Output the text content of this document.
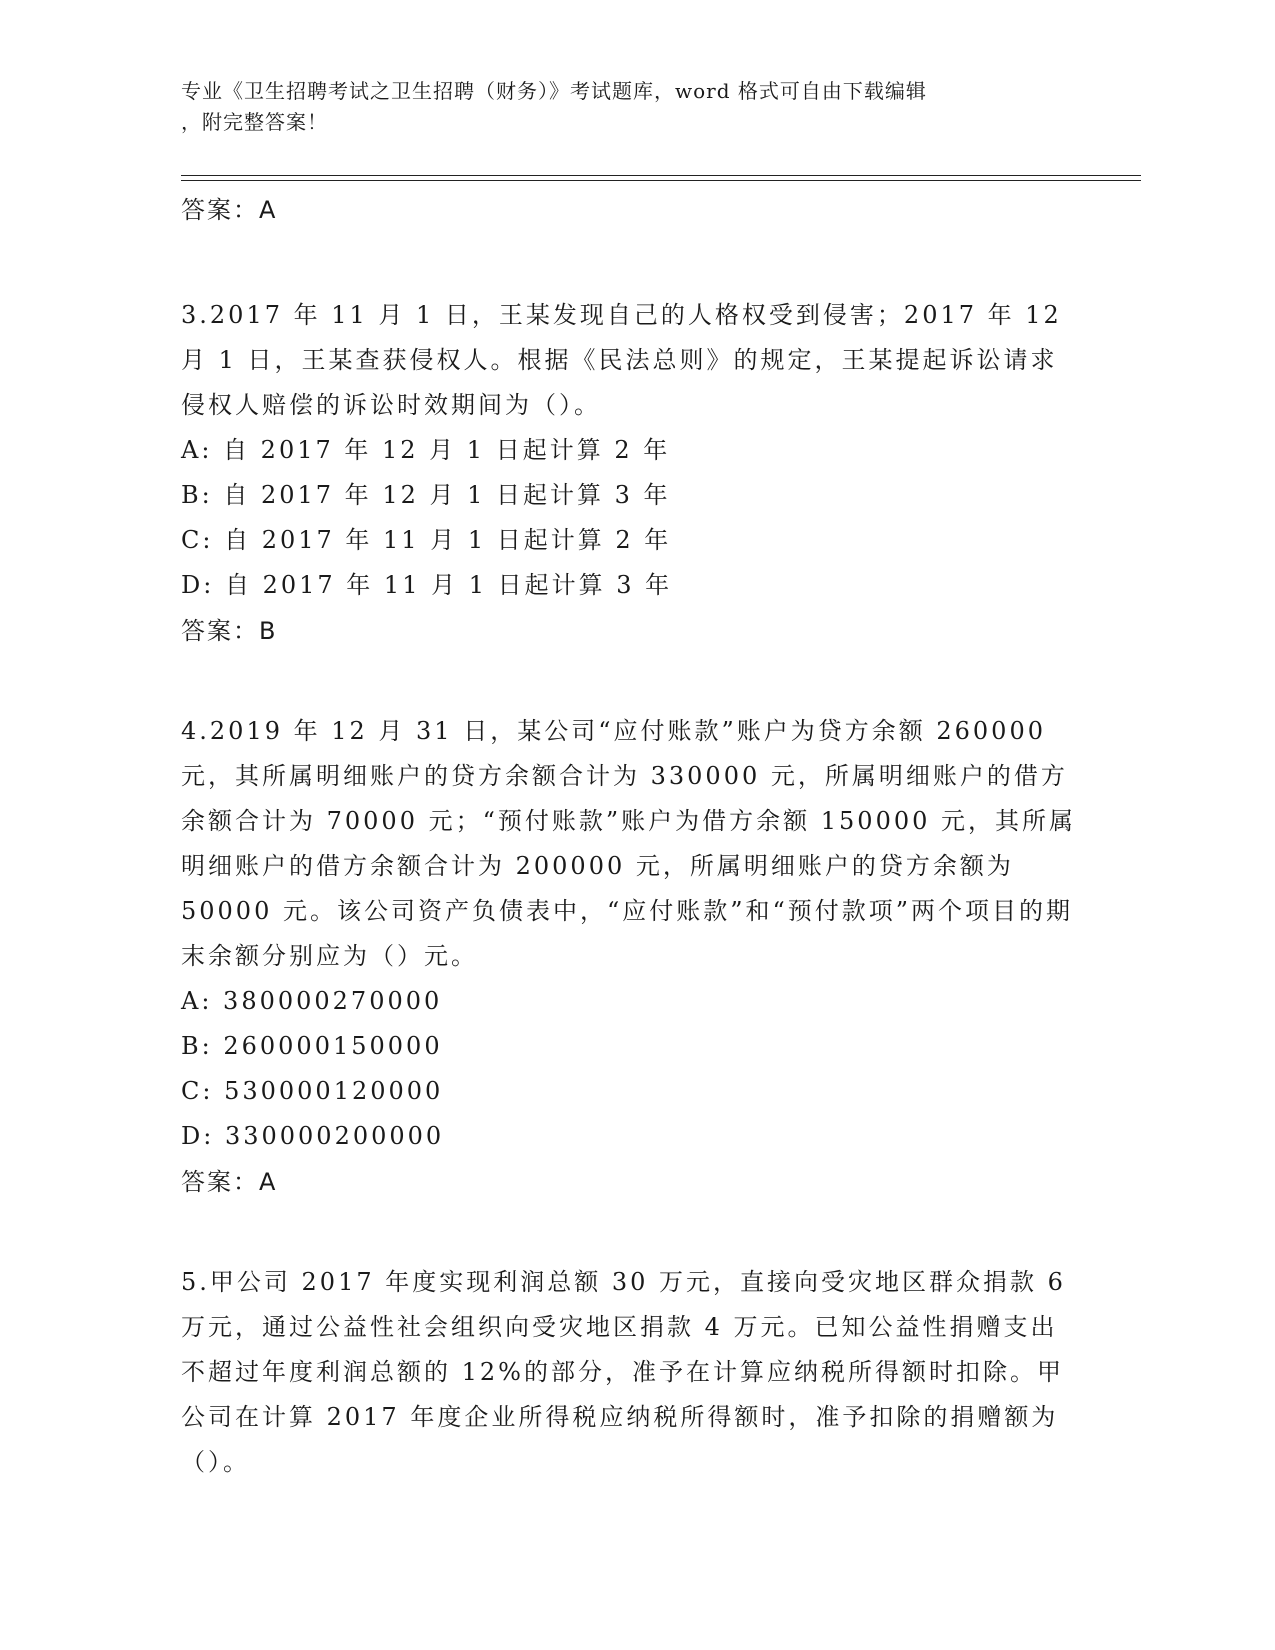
专业《卫生招聘考试之卫生招聘（财务）》考试题库，word 格式可自由下载编辑
，附完整答案！
答案：A
3.2017 年 11 月 1 日，王某发现自己的人格权受到侵害；2017 年 12 月 1 日，王某查获侵权人。根据《民法总则》的规定，王某提起诉讼请求侵权人赔偿的诉讼时效期间为（）。
A: 自 2017 年 12 月 1 日起计算 2 年
B: 自 2017 年 12 月 1 日起计算 3 年
C: 自 2017 年 11 月 1 日起计算 2 年
D: 自 2017 年 11 月 1 日起计算 3 年
答案：B
4.2019 年 12 月 31 日，某公司“应付账款”账户为贷方余额 260000 元，其所属明细账户的贷方余额合计为 330000 元，所属明细账户的借方余额合计为 70000 元；“预付账款”账户为借方余额 150000 元，其所属明细账户的借方余额合计为 200000 元，所属明细账户的贷方余额为 50000 元。该公司资产负债表中，“应付账款”和“预付款项”两个项目的期末余额分别应为（）元。
A: 380000270000
B: 260000150000
C: 530000120000
D: 330000200000
答案：A
5.甲公司 2017 年度实现利润总额 30 万元，直接向受灾地区群众捐款 6 万元，通过公益性社会组织向受灾地区捐款 4 万元。已知公益性捐赠支出不超过年度利润总额的 12%的部分，准予在计算应纳税所得额时扣除。甲公司在计算 2017 年度企业所得税应纳税所得额时，准予扣除的捐赠额为（）。
